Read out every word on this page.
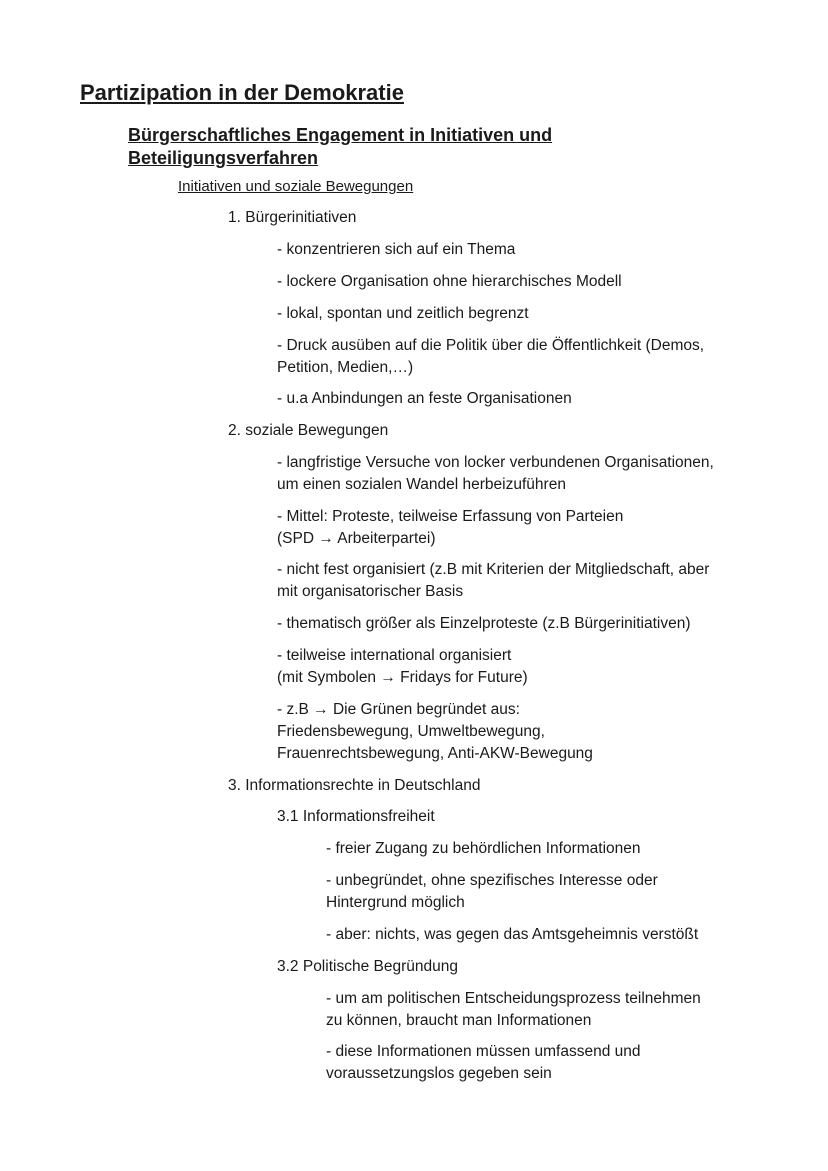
Partizipation in der Demokratie
Bürgerschaftliches Engagement in Initiativen und
Beteiligungsverfahren
Initiativen und soziale Bewegungen
1. Bürgerinitiativen
- konzentrieren sich auf ein Thema
- lockere Organisation ohne hierarchisches Modell
- lokal, spontan und zeitlich begrenzt
- Druck ausüben auf die Politik über die Öffentlichkeit (Demos,
Petition, Medien,…)
- u.a Anbindungen an feste Organisationen
2. soziale Bewegungen
- langfristige Versuche von locker verbundenen Organisationen,
um einen sozialen Wandel herbeizuführen
- Mittel: Proteste, teilweise Erfassung von Parteien
(SPD → Arbeiterpartei)
- nicht fest organisiert (z.B mit Kriterien der Mitgliedschaft, aber
mit organisatorischer Basis
- thematisch größer als Einzelproteste (z.B Bürgerinitiativen)
- teilweise international organisiert
(mit Symbolen → Fridays for Future)
- z.B → Die Grünen begründet aus:
Friedensbewegung, Umweltbewegung,
Frauenrechtsbewegung, Anti-AKW-Bewegung
3. Informationsrechte in Deutschland
3.1 Informationsfreiheit
- freier Zugang zu behördlichen Informationen
- unbegründet, ohne spezifisches Interesse oder
Hintergrund möglich
- aber: nichts, was gegen das Amtsgeheimnis verstößt
3.2 Politische Begründung
- um am politischen Entscheidungsprozess teilnehmen
zu können, braucht man Informationen
- diese Informationen müssen umfassend und
voraussetzungslos gegeben sein
